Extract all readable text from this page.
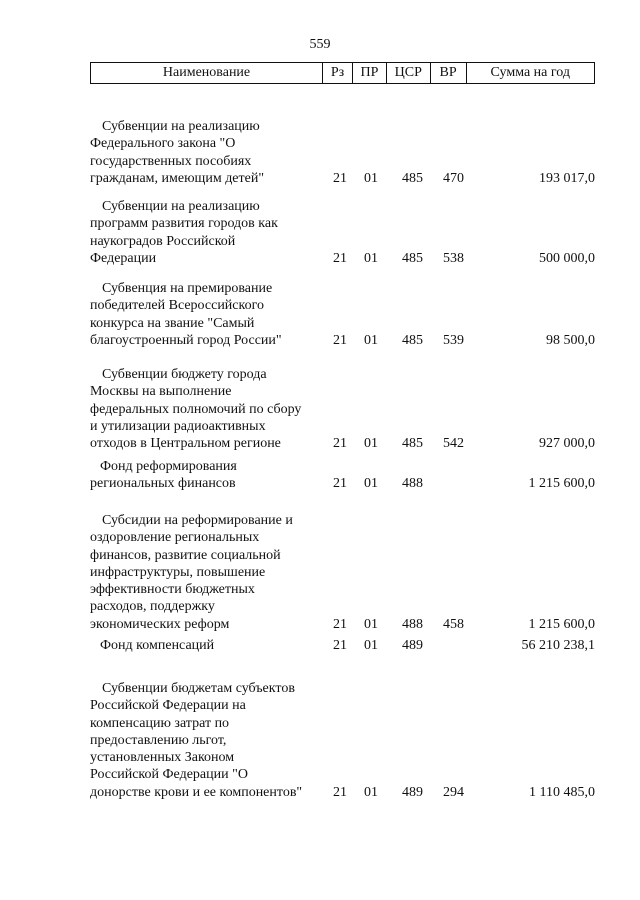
559
Наименование	Рз	ПР	ЦСР	ВР	Сумма на год
Субвенции на реализацию
Федерального закона "О
государственных пособиях
гражданам, имеющим детей"	21 01 485 470	193 017,0
Субвенции на реализацию
программ развития городов как
наукоградов Российской
Федерации	21 01 485 538	500 000,0
Субвенция на премирование
победителей Всероссийского
конкурса на звание "Самый
благоустроенный город России"	21 01 485 539	98 500,0
Субвенции бюджету города
Москвы на выполнение
федеральных полномочий по сбору
и утилизации радиоактивных
отходов в Центральном регионе	21 01 485 542	927 000,0
Фонд реформирования
региональных финансов	21 01 488	1 215 600,0
Субсидии на реформирование и
оздоровление региональных
финансов, развитие социальной
инфраструктуры, повышение
эффективности бюджетных
расходов, поддержку
экономических реформ	21 01 488 458	1 215 600,0
Фонд компенсаций	21 01 489	56 210 238,1
Субвенции бюджетам субъектов
Российской Федерации на
компенсацию затрат по
предоставлению льгот,
установленных Законом
Российской Федерации "О
донорстве крови и ее компонентов"	21 01 489 294	1 110 485,0
